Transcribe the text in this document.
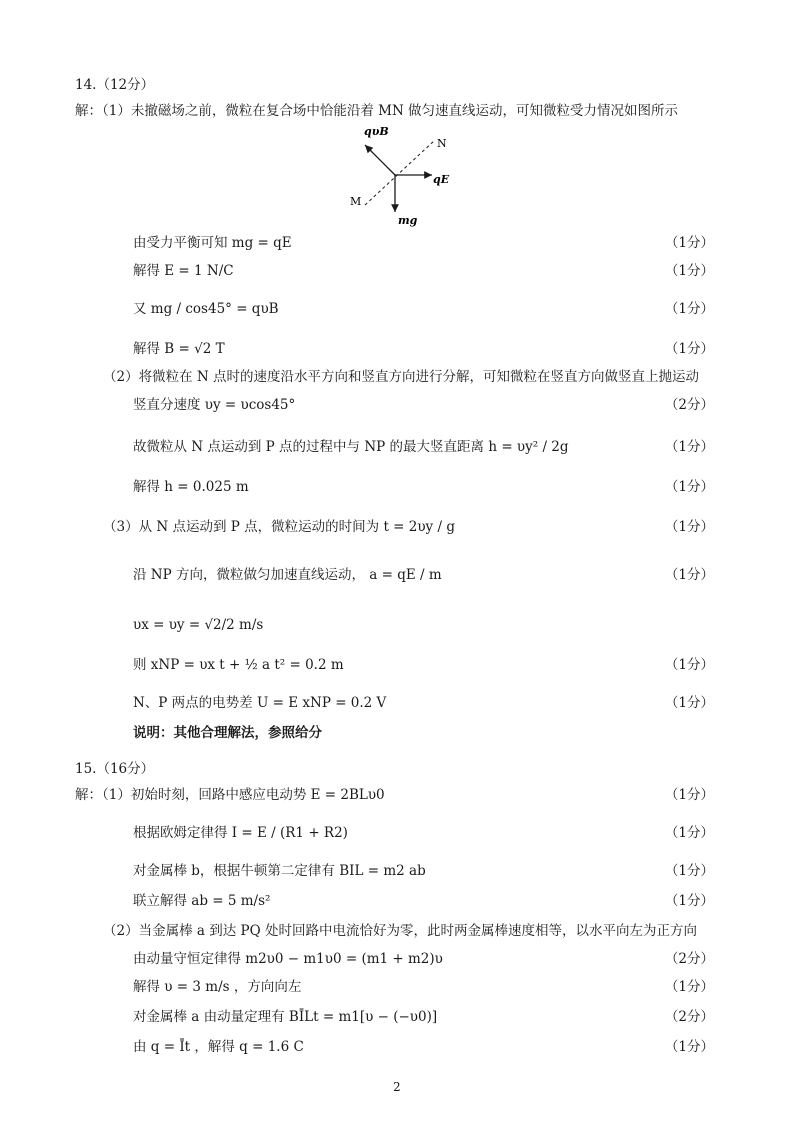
14.（12分）
解：（1）未撤磁场之前，微粒在复合场中恰能沿着 MN 做匀速直线运动，可知微粒受力情况如图所示
qυB
N
qE
M
mg
由受力平衡可知 mg = qE	（1分）
解得 E = 1 N/C	（1分）
又 mg / cos45° = qυB	（1分）
解得 B = √2 T	（1分）
（2）将微粒在 N 点时的速度沿水平方向和竖直方向进行分解，可知微粒在竖直方向做竖直上抛运动
竖直分速度 υy = υcos45°	（2分）
故微粒从 N 点运动到 P 点的过程中与 NP 的最大竖直距离 h = υy² / 2g	（1分）
解得 h = 0.025 m	（1分）
（3）从 N 点运动到 P 点，微粒运动的时间为 t = 2υy / g	（1分）
沿 NP 方向，微粒做匀加速直线运动， a = qE / m	（1分）
υx = υy = √2/2 m/s
则 xNP = υx t + ½ a t² = 0.2 m	（1分）
N、P 两点的电势差 U = E xNP = 0.2 V	（1分）
说明：其他合理解法，参照给分
15.（16分）
解：（1）初始时刻，回路中感应电动势 E = 2BLυ0	（1分）
根据欧姆定律得 I = E / (R1 + R2)	（1分）
对金属棒 b，根据牛顿第二定律有 BIL = m2 ab	（1分）
联立解得 ab = 5 m/s²	（1分）
（2）当金属棒 a 到达 PQ 处时回路中电流恰好为零，此时两金属棒速度相等，以水平向左为正方向
由动量守恒定律得 m2υ0 − m1υ0 = (m1 + m2)υ	（2分）
解得 υ = 3 m/s ，方向向左	（1分）
对金属棒 a 由动量定理有 BĪLt = m1[υ − (−υ0)]	（2分）
由 q = Īt ，解得 q = 1.6 C	（1分）
2
